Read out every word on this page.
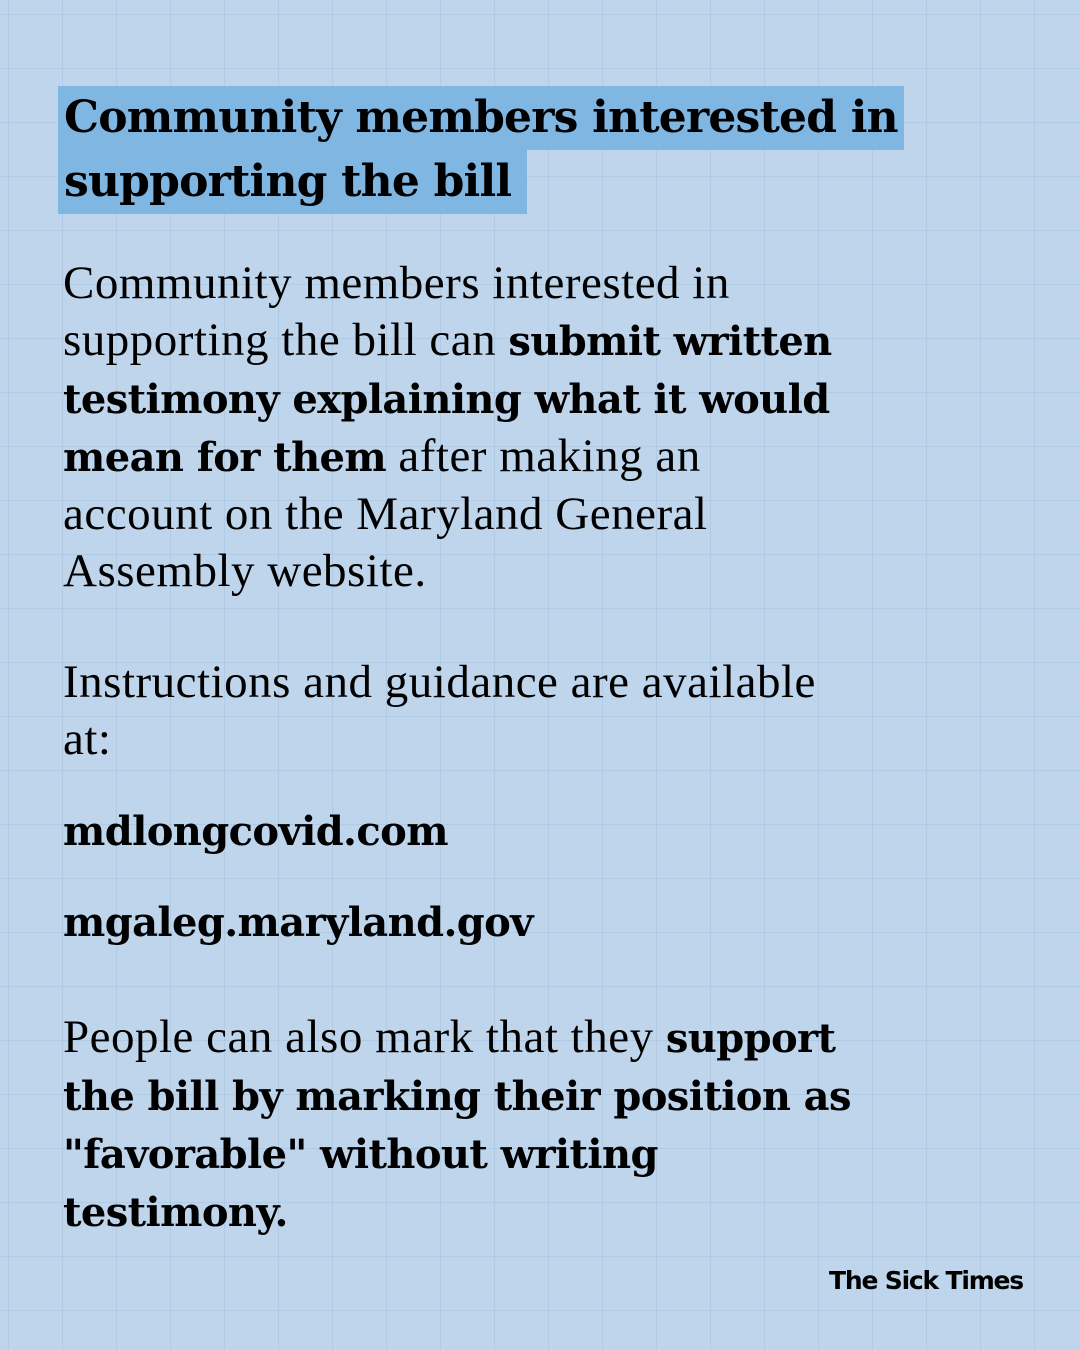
Community members interested in
supporting the bill

Community members interested in
supporting the bill can submit written
testimony explaining what it would
mean for them after making an
account on the Maryland General
Assembly website.

Instructions and guidance are available
at:

mdlongcovid.com

mgaleg.maryland.gov

People can also mark that they support
the bill by marking their position as
"favorable" without writing
testimony.

The Sick Times
